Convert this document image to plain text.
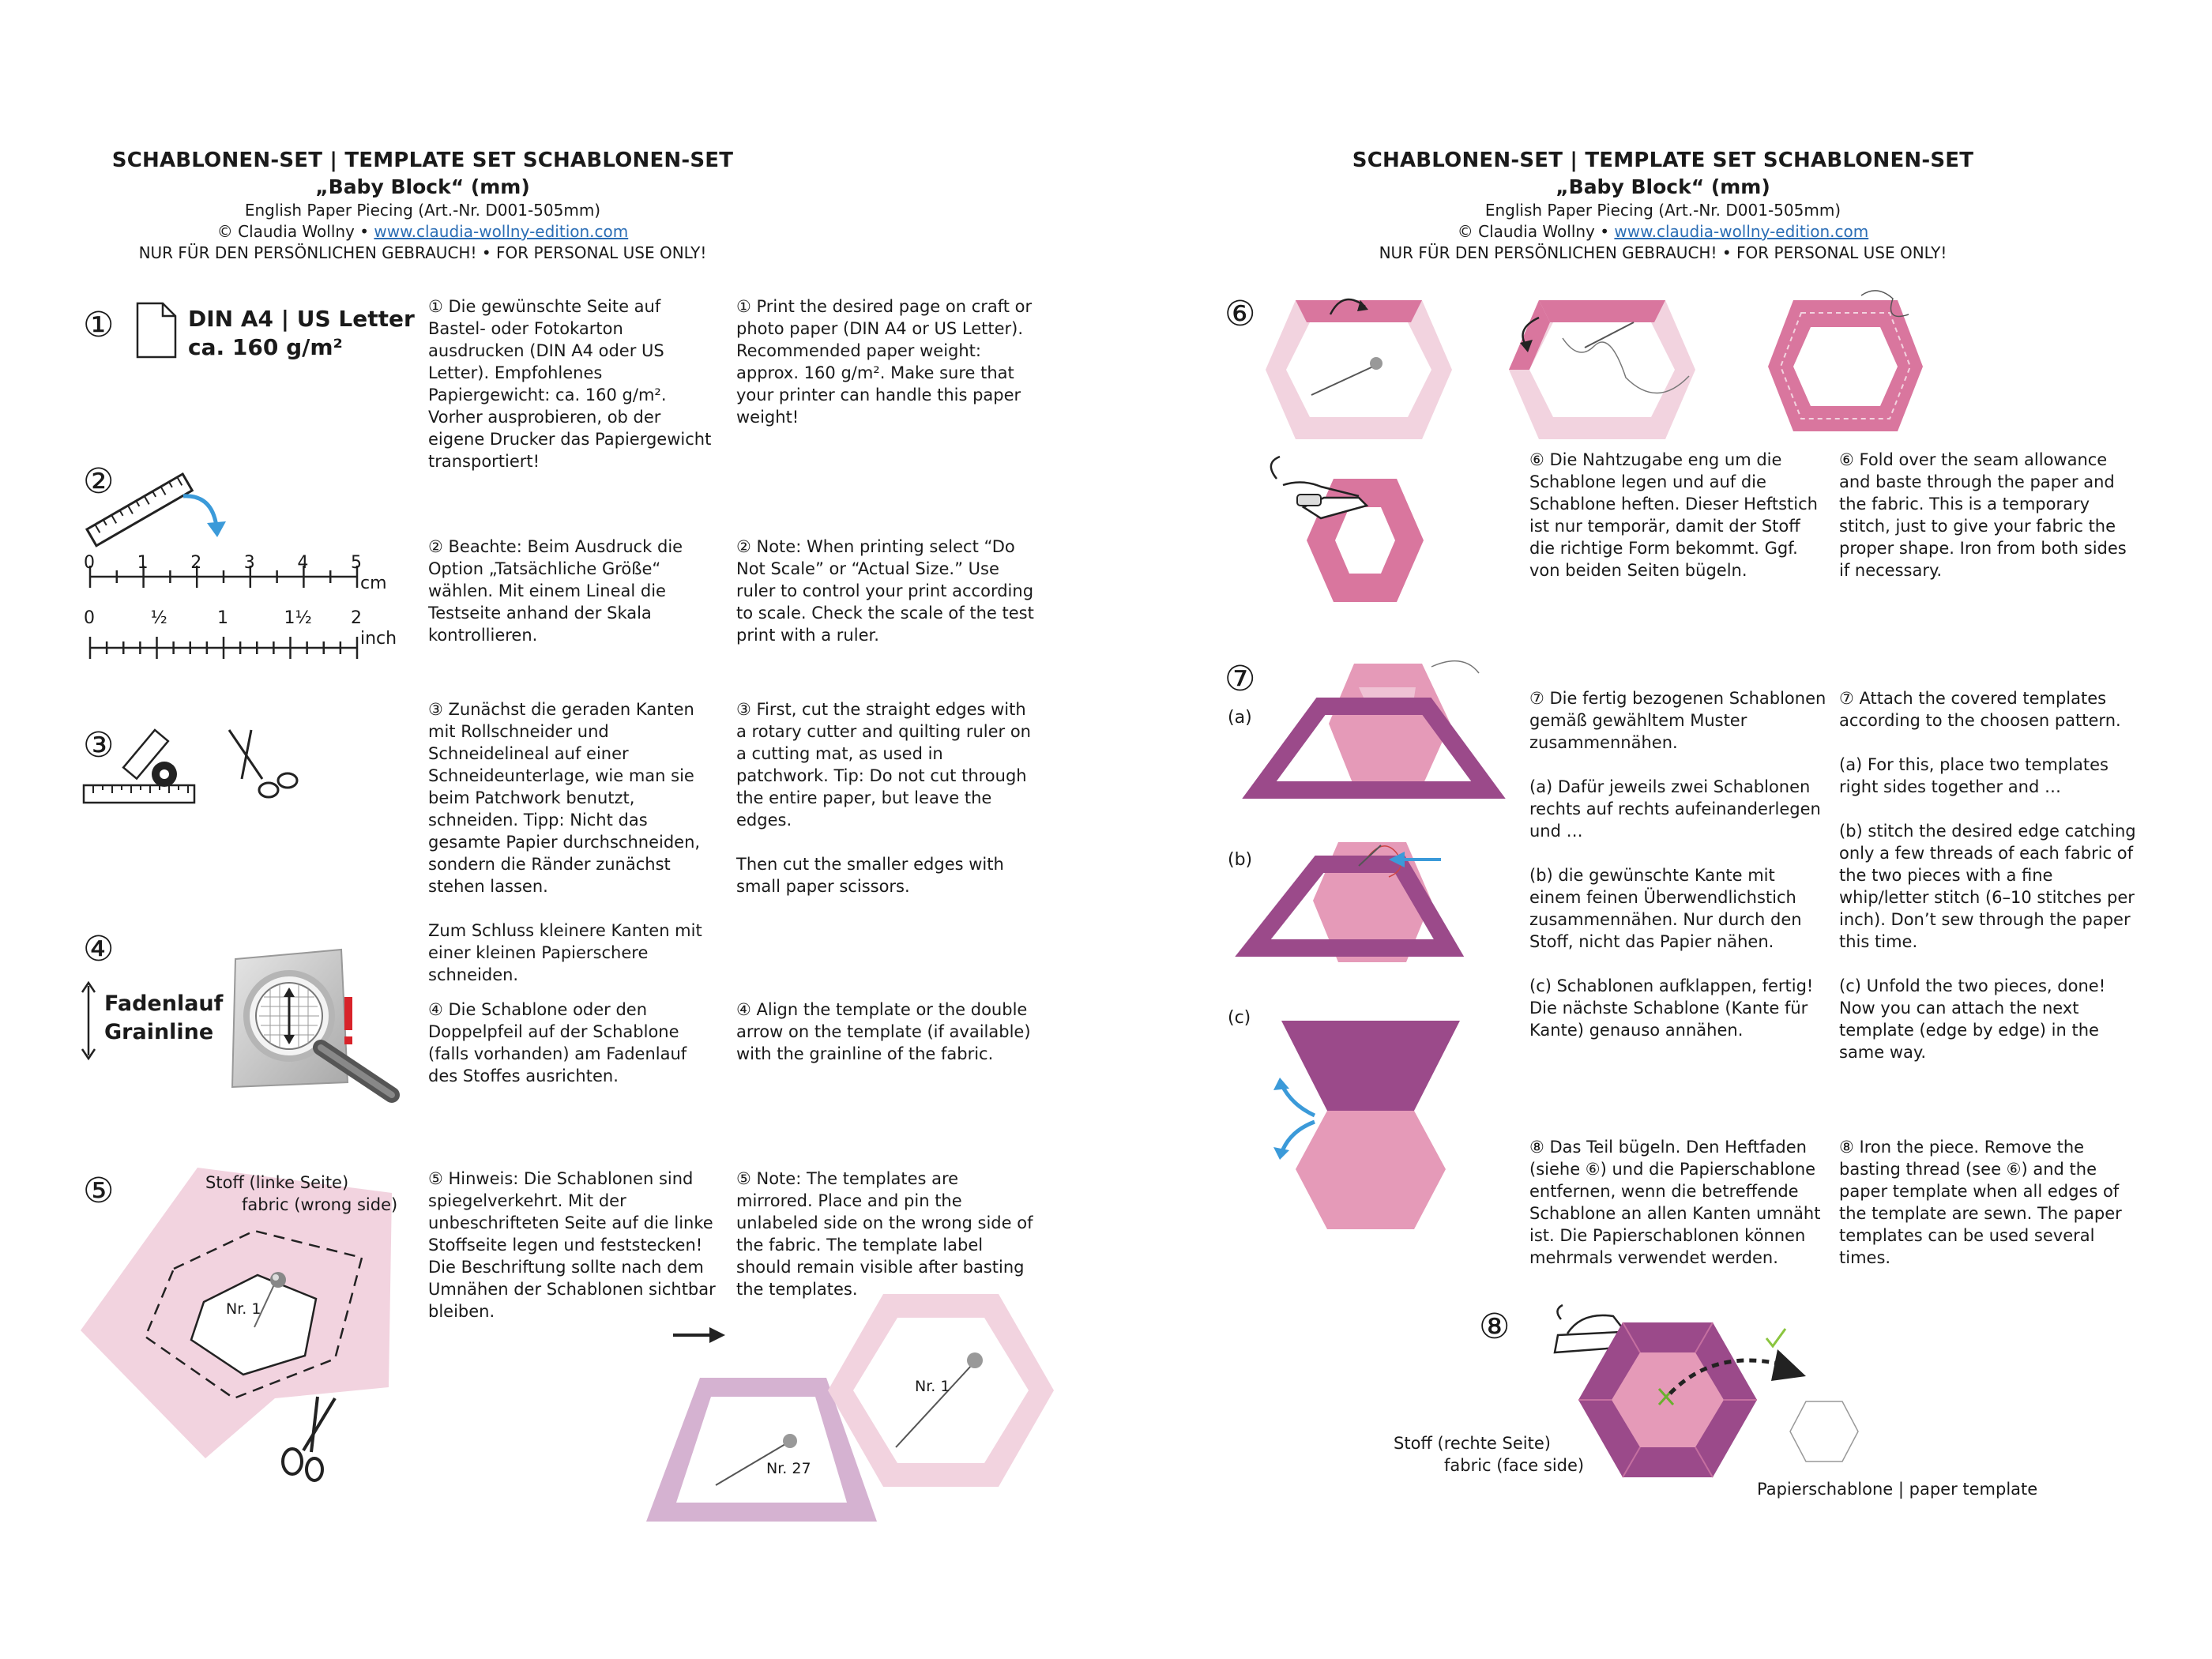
SCHABLONEN-SET | TEMPLATE SET SCHABLONEN-SET
„Baby Block“ (mm)
English Paper Piecing (Art.-Nr. D001-505mm)
© Claudia Wollny • www.claudia-wollny-edition.com
NUR FÜR DEN PERSÖNLICHEN GEBRAUCH! • FOR PERSONAL USE ONLY!
SCHABLONEN-SET | TEMPLATE SET SCHABLONEN-SET
„Baby Block“ (mm)
English Paper Piecing (Art.-Nr. D001-505mm)
© Claudia Wollny • www.claudia-wollny-edition.com
NUR FÜR DEN PERSÖNLICHEN GEBRAUCH! • FOR PERSONAL USE ONLY!
①	DIN A4 | US Letter
ca. 160 g/m²

① Die gewünschte Seite auf Bastel- oder Fotokarton ausdrucken (DIN A4 oder US Letter). Empfohlenes Papiergewicht: ca. 160 g/m². Vorher ausprobieren, ob der eigene Drucker das Papiergewicht transportiert!

① Print the desired page on craft or photo paper (DIN A4 or US Letter). Recommended paper weight: approx. 160 g/m². Make sure that your printer can handle this paper weight!

②
0 1 2 3 4 5
cm
0	½	1	1½ 2
inch

② Beachte: Beim Ausdruck die Option „Tatsächliche Größe“ wählen. Mit einem Lineal die Testseite anhand der Skala kontrollieren.

② Note: When printing select “Do Not Scale” or “Actual Size.” Use ruler to control your print according to scale. Check the scale of the test print with a ruler.

③

③ Zunächst die geraden Kanten mit Rollschneider und Schneidelineal auf einer Schneideunterlage, wie man sie beim Patchwork benutzt, schneiden. Tipp: Nicht das gesamte Papier durchschneiden, sondern die Ränder zunächst stehen lassen.

Zum Schluss kleinere Kanten mit einer kleinen Papierschere schneiden.

③ First, cut the straight edges with a rotary cutter and quilting ruler on a cutting mat, as used in patchwork. Tip: Do not cut through the entire paper, but leave the edges.

Then cut the smaller edges with small paper scissors.

④
Fadenlauf
Grainline

④ Die Schablone oder den Doppelpfeil auf der Schablone (falls vorhanden) am Fadenlauf des Stoffes ausrichten.

④ Align the template or the double arrow on the template (if available) with the grainline of the fabric.

⑤	Stoff (linke Seite)
fabric (wrong side)
Nr. 1

⑤ Hinweis: Die Schablonen sind spiegelverkehrt. Mit der unbeschrifteten Seite auf die linke Stoffseite legen und feststecken! Die Beschriftung sollte nach dem Umnähen der Schablonen sichtbar bleiben.

⑤ Note: The templates are mirrored. Place and pin the unlabeled side on the wrong side of the fabric. The template label should remain visible after basting the templates.

Nr. 27
Nr. 1
⑥

⑥ Die Nahtzugabe eng um die Schablone legen und auf die Schablone heften. Dieser Heftstich ist nur temporär, damit der Stoff die richtige Form bekommt. Ggf. von beiden Seiten bügeln.

⑥ Fold over the seam allowance and baste through the paper and the fabric. This is a temporary stitch, just to give your fabric the proper shape. Iron from both sides if necessary.

⑦
(a)
(b)
(c)

⑦ Die fertig bezogenen Schablonen gemäß gewähltem Muster zusammennähen.

(a) Dafür jeweils zwei Schablonen rechts auf rechts aufeinanderlegen und …

(b) die gewünschte Kante mit einem feinen Überwendlichstich zusammennähen. Nur durch den Stoff, nicht das Papier nähen.

(c) Schablonen aufklappen, fertig! Die nächste Schablone (Kante für Kante) genauso annähen.

⑦ Attach the covered templates according to the choosen pattern.

(a) For this, place two templates right sides together and …

(b) stitch the desired edge catching only a few threads of each fabric of the two pieces with a fine whip/letter stitch (6–10 stitches per inch). Don’t sew through the paper this time.

(c) Unfold the two pieces, done! Now you can attach the next template (edge by edge) in the same way.

⑧ Das Teil bügeln. Den Heftfaden (siehe ⑥) und die Papierschablone entfernen, wenn die betreffende Schablone an allen Kanten umnäht ist. Die Papierschablonen können mehrmals verwendet werden.

⑧ Iron the piece. Remove the basting thread (see ⑥) and the paper template when all edges of the template are sewn. The paper templates can be used several times.

⑧
Stoff (rechte Seite)
fabric (face side)
Papierschablone | paper template
